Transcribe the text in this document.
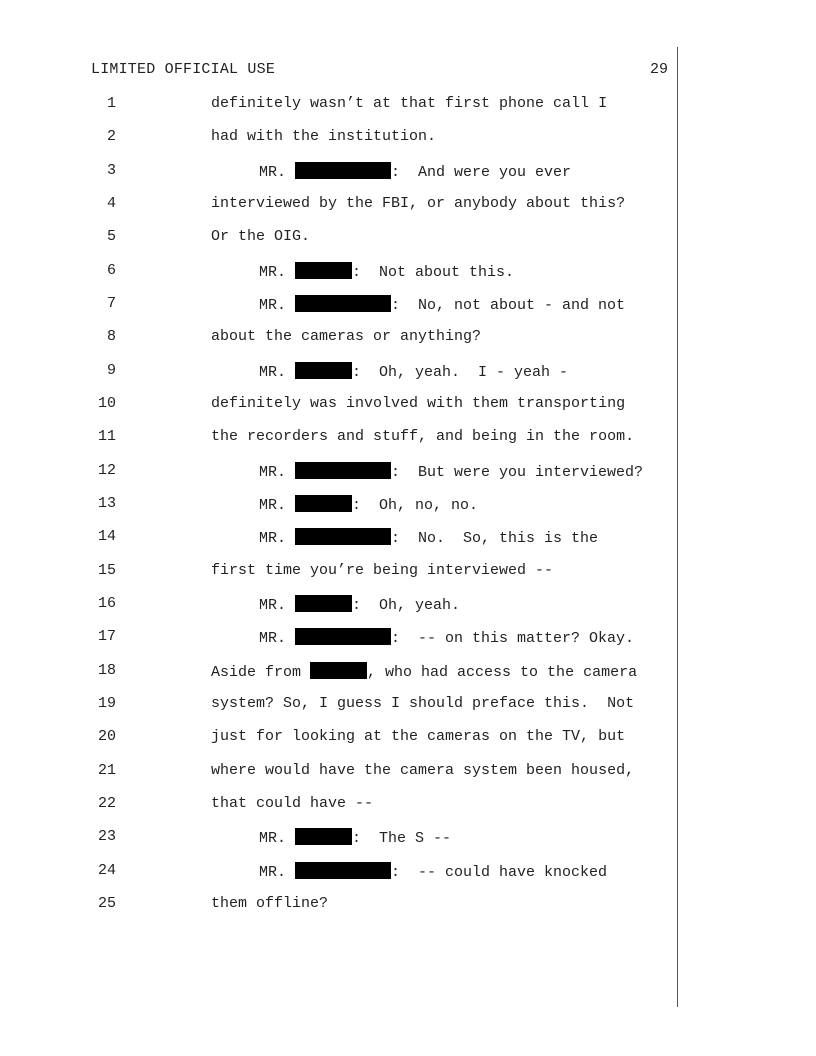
LIMITED OFFICIAL USE	29
1	definitely wasn’t at that first phone call I
2	had with the institution.
3	MR.	:  And were you ever
4	interviewed by the FBI, or anybody about this?
5	Or the OIG.
6	MR.	:  Not about this.
7	MR.	:  No, not about - and not
8	about the cameras or anything?
9	MR.	:  Oh, yeah.  I - yeah -
10	definitely was involved with them transporting
11	the recorders and stuff, and being in the room.
12	MR.	:  But were you interviewed?
13	MR.	:  Oh, no, no.
14	MR.	:  No.  So, this is the
15	first time you’re being interviewed --
16	MR.	:  Oh, yeah.
17	MR.	:  -- on this matter? Okay.
18	Aside from	, who had access to the camera
19	system? So, I guess I should preface this.  Not
20	just for looking at the cameras on the TV, but
21	where would have the camera system been housed,
22	that could have --
23	MR.	:  The S --
24	MR.	:  -- could have knocked
25	them offline?
